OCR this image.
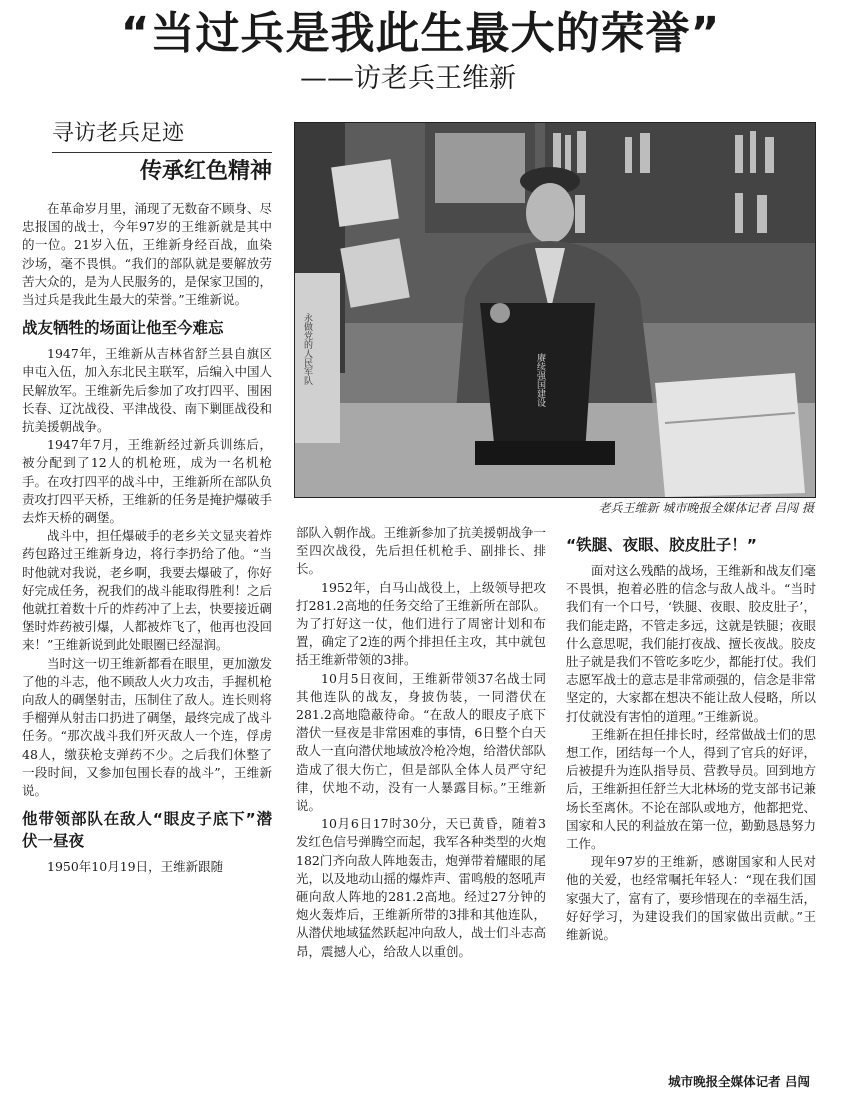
“当过兵是我此生最大的荣誉”
——访老兵王维新
寻访老兵足迹
传承红色精神

在革命岁月里，涌现了无数奋不顾身、尽忠报国的战士，今年97岁的王维新就是其中的一位。21岁入伍，王维新身经百战，血染沙场，毫不畏惧。“我们的部队就是要解放劳苦大众的，是为人民服务的，是保家卫国的，当过兵是我此生最大的荣誉。”王维新说。

战友牺牲的场面让他至今难忘

1947年，王维新从吉林省舒兰县自旗区申屯入伍，加入东北民主联军，后编入中国人民解放军。王维新先后参加了攻打四平、围困长春、辽沈战役、平津战役、南下剿匪战役和抗美援朝战争。

1947年7月，王维新经过新兵训练后，被分配到了12人的机枪班，成为一名机枪手。在攻打四平的战斗中，王维新所在部队负责攻打四平天桥，王维新的任务是掩护爆破手去炸天桥的碉堡。

战斗中，担任爆破手的老乡关文显夹着炸药包路过王维新身边，将行李扔给了他。“当时他就对我说，老乡啊，我要去爆破了，你好好完成任务，祝我们的战斗能取得胜利！之后他就扛着数十斤的炸药冲了上去，快要接近碉堡时炸药被引爆，人都被炸飞了，他再也没回来！”王维新说到此处眼圈已经湿润。

当时这一切王维新都看在眼里，更加激发了他的斗志，他不顾敌人火力攻击，手握机枪向敌人的碉堡射击，压制住了敌人。连长则将手榴弹从射击口扔进了碉堡，最终完成了战斗任务。“那次战斗我们歼灭敌人一个连，俘虏48人，缴获枪支弹药不少。之后我们休整了一段时间，又参加包围长春的战斗”，王维新说。

他带领部队在敌人“眼皮子底下”潜伏一昼夜

1950年10月19日，王维新跟随

赓续强国建设
永做党的人民军队
老兵王维新 城市晚报全媒体记者 吕闯 摄

部队入朝作战。王维新参加了抗美援朝战争一至四次战役，先后担任机枪手、副排长、排长。

1952年，白马山战役上，上级领导把攻打281.2高地的任务交给了王维新所在部队。为了打好这一仗，他们进行了周密计划和布置，确定了2连的两个排担任主攻，其中就包括王维新带领的3排。

10月5日夜间，王维新带领37名战士同其他连队的战友，身披伪装，一同潜伏在281.2高地隐蔽待命。“在敌人的眼皮子底下潜伏一昼夜是非常困难的事情，6日整个白天敌人一直向潜伏地域放冷枪冷炮，给潜伏部队造成了很大伤亡，但是部队全体人员严守纪律，伏地不动，没有一人暴露目标。”王维新说。

10月6日17时30分，天已黄昏，随着3发红色信号弹腾空而起，我军各种类型的火炮182门齐向敌人阵地轰击，炮弹带着耀眼的尾光，以及地动山摇的爆炸声、雷鸣般的怒吼声砸向敌人阵地的281.2高地。经过27分钟的炮火轰炸后，王维新所带的3排和其他连队，从潜伏地域猛然跃起冲向敌人，战士们斗志高昂，震撼人心，给敌人以重创。

“铁腿、夜眼、胶皮肚子！”

面对这么残酷的战场，王维新和战友们毫不畏惧，抱着必胜的信念与敌人战斗。“当时我们有一个口号，‘铁腿、夜眼、胶皮肚子’，我们能走路，不管走多远，这就是铁腿；夜眼什么意思呢，我们能打夜战、擅长夜战。胶皮肚子就是我们不管吃多吃少，都能打仗。我们志愿军战士的意志是非常顽强的，信念是非常坚定的，大家都在想决不能让敌人侵略，所以打仗就没有害怕的道理。”王维新说。

王维新在担任排长时，经常做战士们的思想工作，团结每一个人，得到了官兵的好评，后被提升为连队指导员、营教导员。回到地方后，王维新担任舒兰大北林场的党支部书记兼场长至离休。不论在部队或地方，他都把党、国家和人民的利益放在第一位，勤勤恳恳努力工作。

现年97岁的王维新，感谢国家和人民对他的关爱，也经常嘱托年轻人：“现在我们国家强大了，富有了，要珍惜现在的幸福生活，好好学习，为建设我们的国家做出贡献。”王维新说。

城市晚报全媒体记者 吕闯
